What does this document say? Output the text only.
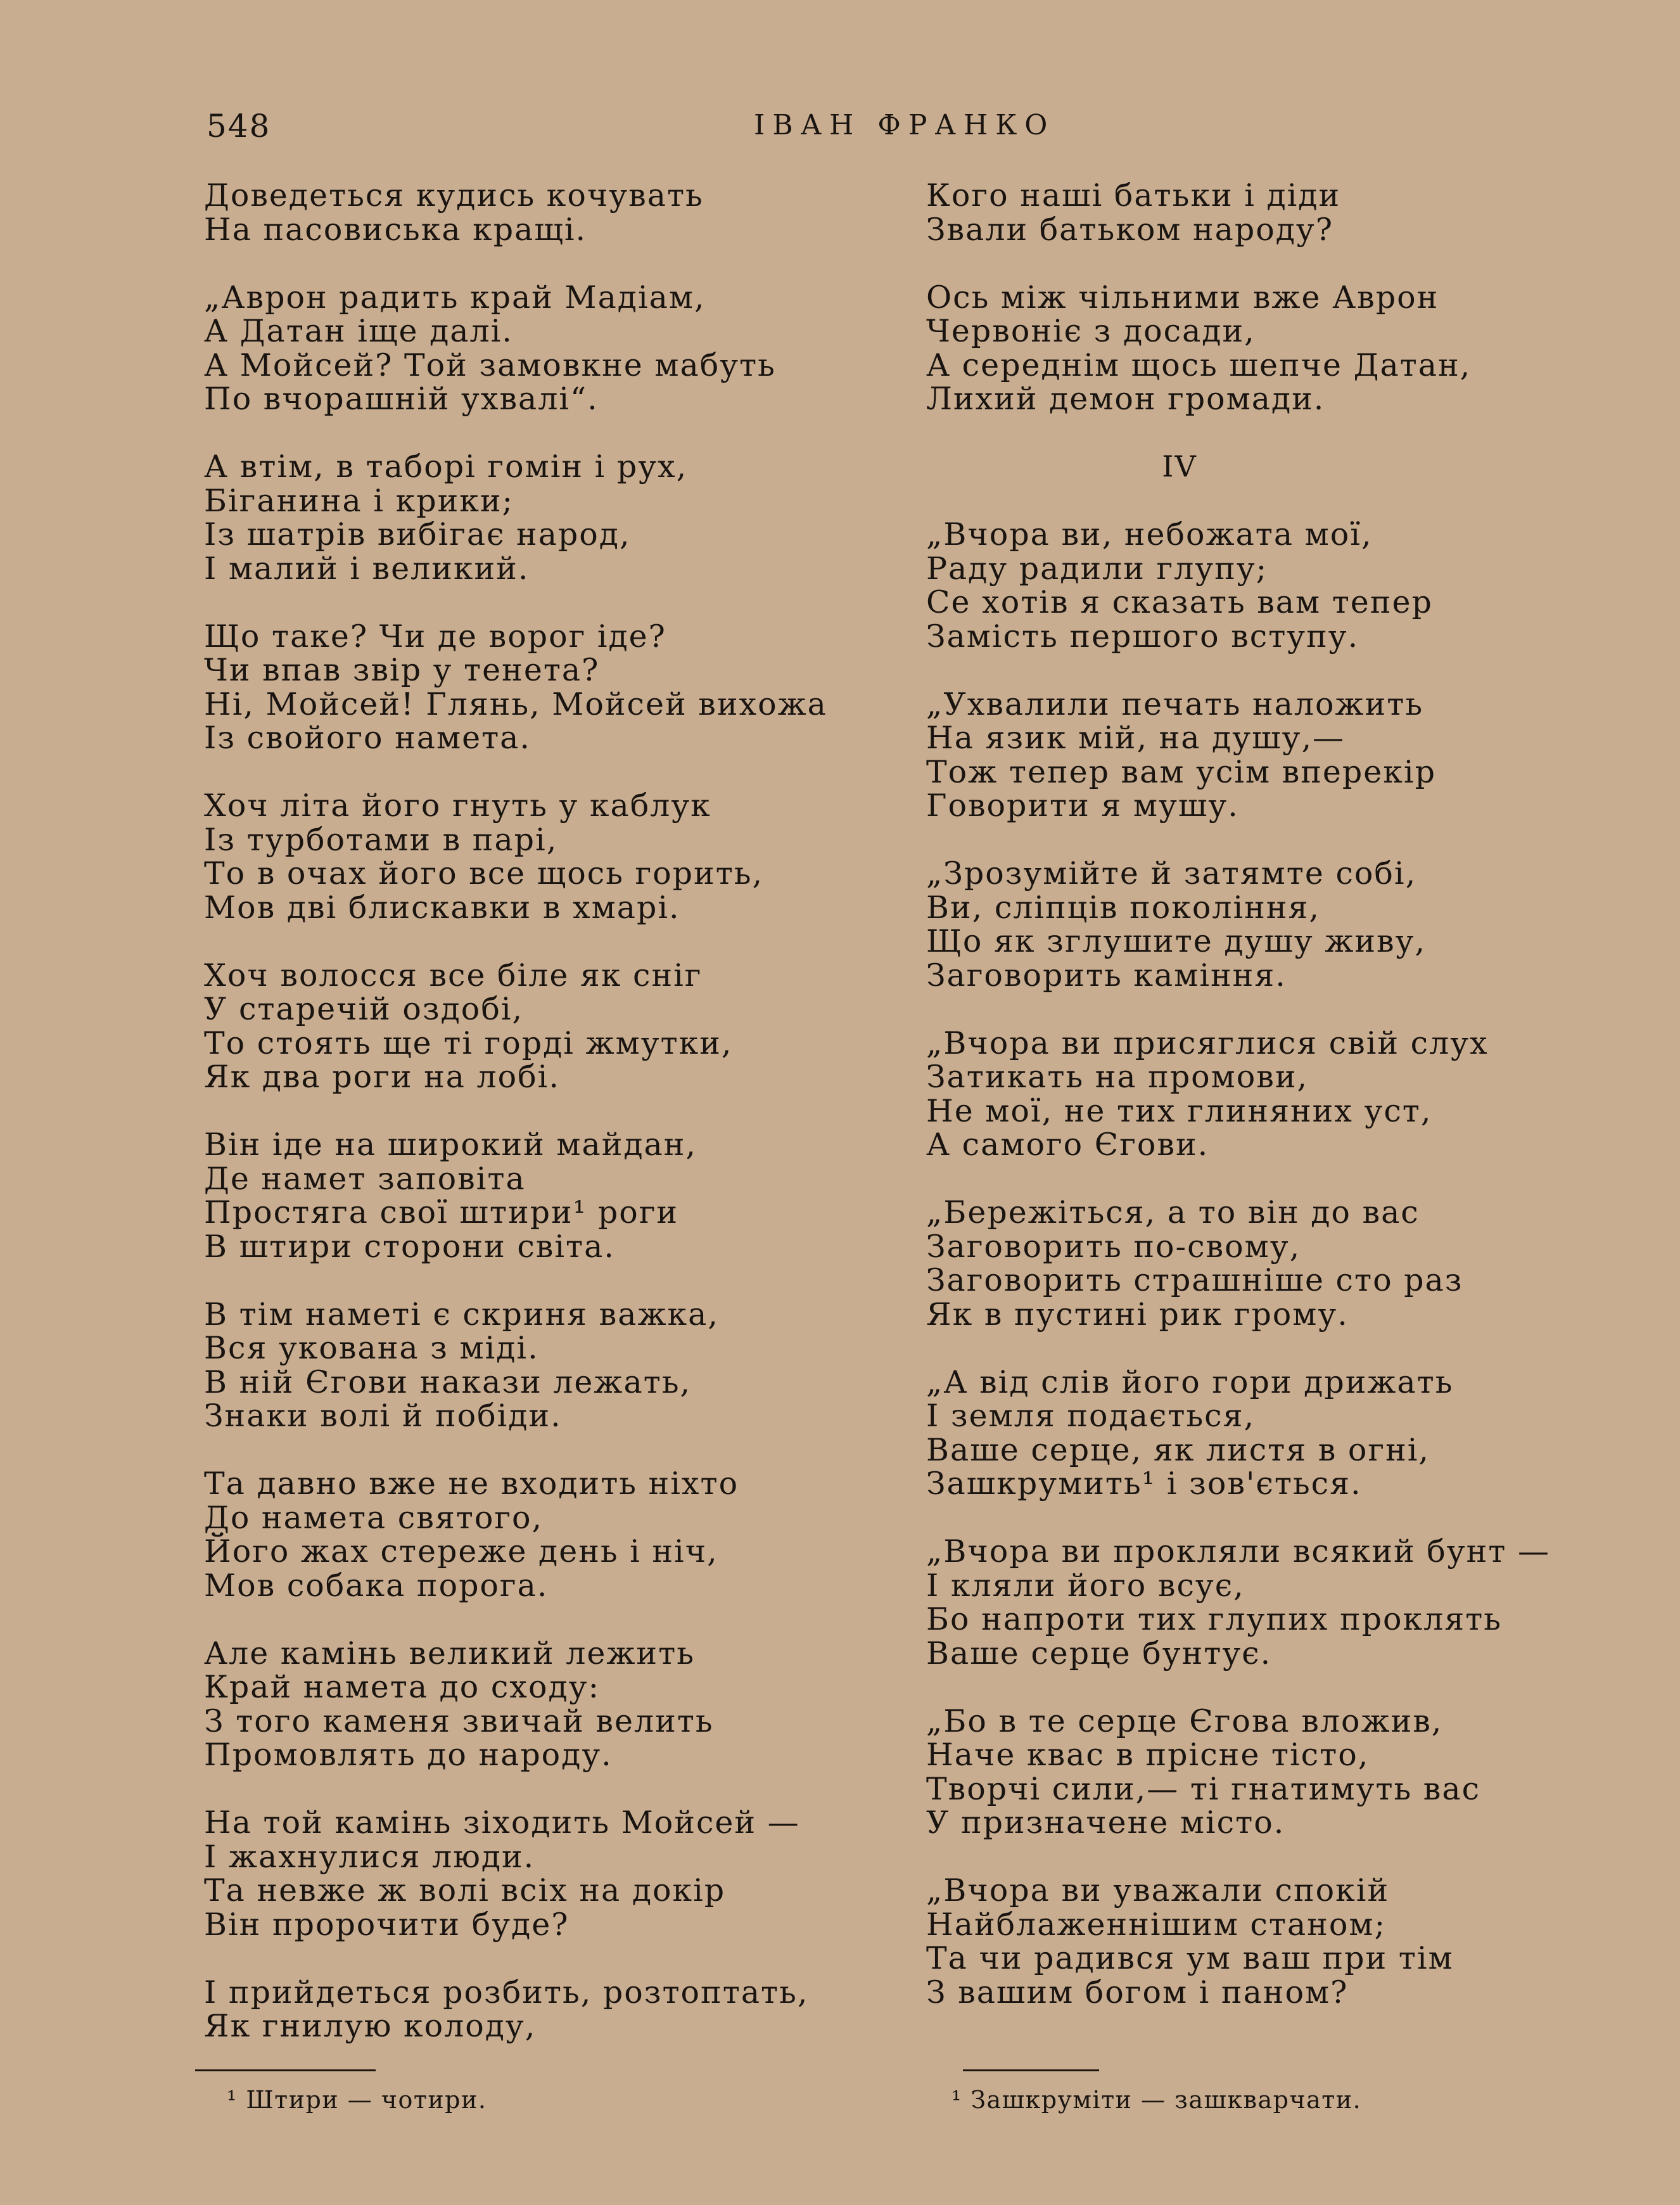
548	ІВАН ФРАНКО
Доведеться кудись кочувать
На пасовиська кращі.
„Аврон радить край Мадіам,
А Датан іще далі.
А Мойсей? Той замовкне мабуть
По вчорашній ухвалі“.
А втім, в таборі гомін і рух,
Біганина і крики;
Із шатрів вибігає народ,
І малий і великий.
Що таке? Чи де ворог іде?
Чи впав звір у тенета?
Ні, Мойсей! Глянь, Мойсей вихожа
Із свойого намета.
Хоч літа його гнуть у каблук
Із турботами в парі,
То в очах його все щось горить,
Мов дві блискавки в хмарі.
Хоч волосся все біле як сніг
У старечій оздобі,
То стоять ще ті горді жмутки,
Як два роги на лобі.
Він іде на широкий майдан,
Де намет заповіта
Простяга свої штири¹ роги
В штири сторони світа.
В тім наметі є скриня важка,
Вся укована з міді.
В ній Єгови накази лежать,
Знаки волі й побіди.
Та давно вже не входить ніхто
До намета святого,
Його жах стереже день і ніч,
Мов собака порога.
Але камінь великий лежить
Край намета до сходу:
З того каменя звичай велить
Промовлять до народу.
На той камінь зіходить Мойсей —
І жахнулися люди.
Та невже ж волі всіх на докір
Він пророчити буде?
І прийдеться розбить, розтоптать,
Як гнилую колоду,
Кого наші батьки і діди
Звали батьком народу?
Ось між чільними вже Аврон
Червоніє з досади,
А середнім щось шепче Датан,
Лихий демон громади.
IV
„Вчора ви, небожата мої,
Раду радили глупу;
Се хотів я сказать вам тепер
Замість першого вступу.
„Ухвалили печать наложить
На язик мій, на душу,—
Тож тепер вам усім вперекір
Говорити я мушу.
„Зрозумійте й затямте собі,
Ви, сліпців покоління,
Що як зглушите душу живу,
Заговорить каміння.
„Вчора ви присяглися свій слух
Затикать на промови,
Не мої, не тих глиняних уст,
А самого Єгови.
„Бережіться, а то він до вас
Заговорить по-свому,
Заговорить страшніше сто раз
Як в пустині рик грому.
„А від слів його гори дрижать
І земля подається,
Ваше серце, як листя в огні,
Зашкрумить¹ і зов'ється.
„Вчора ви прокляли всякий бунт —
І кляли його всує,
Бо напроти тих глупих проклять
Ваше серце бунтує.
„Бо в те серце Єгова вложив,
Наче квас в прісне тісто,
Творчі сили,— ті гнатимуть вас
У призначене місто.
„Вчора ви уважали спокій
Найблаженнішим станом;
Та чи радився ум ваш при тім
З вашим богом і паном?
¹ Штири — чотири.	¹ Зашкруміти — зашкварчати.
